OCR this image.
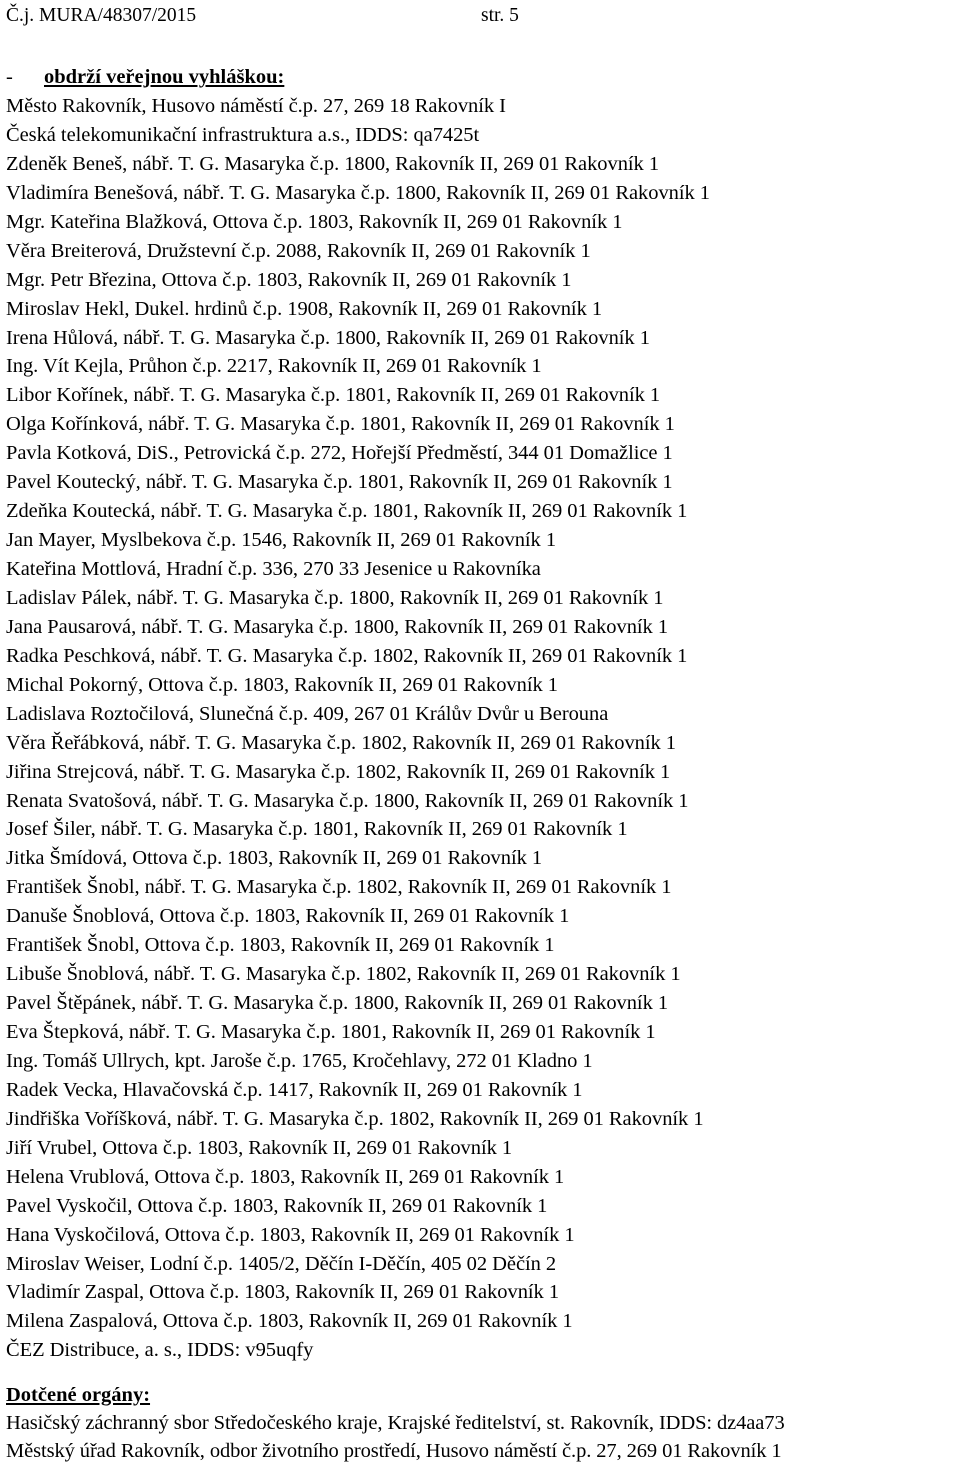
Č.j. MURA/48307/2015	str. 5
- obdrží veřejnou vyhláškou:
Město Rakovník, Husovo náměstí č.p. 27, 269 18 Rakovník I
Česká telekomunikační infrastruktura a.s., IDDS: qa7425t
Zdeněk Beneš, nábř. T. G. Masaryka č.p. 1800, Rakovník II, 269 01 Rakovník 1
Vladimíra Benešová, nábř. T. G. Masaryka č.p. 1800, Rakovník II, 269 01 Rakovník 1
Mgr. Kateřina Blažková, Ottova č.p. 1803, Rakovník II, 269 01 Rakovník 1
Věra Breiterová, Družstevní č.p. 2088, Rakovník II, 269 01 Rakovník 1
Mgr. Petr Březina, Ottova č.p. 1803, Rakovník II, 269 01 Rakovník 1
Miroslav Hekl, Dukel. hrdinů č.p. 1908, Rakovník II, 269 01 Rakovník 1
Irena Hůlová, nábř. T. G. Masaryka č.p. 1800, Rakovník II, 269 01 Rakovník 1
Ing. Vít Kejla, Průhon č.p. 2217, Rakovník II, 269 01 Rakovník 1
Libor Kořínek, nábř. T. G. Masaryka č.p. 1801, Rakovník II, 269 01 Rakovník 1
Olga Kořínková, nábř. T. G. Masaryka č.p. 1801, Rakovník II, 269 01 Rakovník 1
Pavla Kotková, DiS., Petrovická č.p. 272, Hořejší Předměstí, 344 01 Domažlice 1
Pavel Koutecký, nábř. T. G. Masaryka č.p. 1801, Rakovník II, 269 01 Rakovník 1
Zdeňka Koutecká, nábř. T. G. Masaryka č.p. 1801, Rakovník II, 269 01 Rakovník 1
Jan Mayer, Myslbekova č.p. 1546, Rakovník II, 269 01 Rakovník 1
Kateřina Mottlová, Hradní č.p. 336, 270 33 Jesenice u Rakovníka
Ladislav Pálek, nábř. T. G. Masaryka č.p. 1800, Rakovník II, 269 01 Rakovník 1
Jana Pausarová, nábř. T. G. Masaryka č.p. 1800, Rakovník II, 269 01 Rakovník 1
Radka Peschková, nábř. T. G. Masaryka č.p. 1802, Rakovník II, 269 01 Rakovník 1
Michal Pokorný, Ottova č.p. 1803, Rakovník II, 269 01 Rakovník 1
Ladislava Roztočilová, Slunečná č.p. 409, 267 01 Králův Dvůr u Berouna
Věra Řeřábková, nábř. T. G. Masaryka č.p. 1802, Rakovník II, 269 01 Rakovník 1
Jiřina Strejcová, nábř. T. G. Masaryka č.p. 1802, Rakovník II, 269 01 Rakovník 1
Renata Svatošová, nábř. T. G. Masaryka č.p. 1800, Rakovník II, 269 01 Rakovník 1
Josef Šiler, nábř. T. G. Masaryka č.p. 1801, Rakovník II, 269 01 Rakovník 1
Jitka Šmídová, Ottova č.p. 1803, Rakovník II, 269 01 Rakovník 1
František Šnobl, nábř. T. G. Masaryka č.p. 1802, Rakovník II, 269 01 Rakovník 1
Danuše Šnoblová, Ottova č.p. 1803, Rakovník II, 269 01 Rakovník 1
František Šnobl, Ottova č.p. 1803, Rakovník II, 269 01 Rakovník 1
Libuše Šnoblová, nábř. T. G. Masaryka č.p. 1802, Rakovník II, 269 01 Rakovník 1
Pavel Štěpánek, nábř. T. G. Masaryka č.p. 1800, Rakovník II, 269 01 Rakovník 1
Eva Štepková, nábř. T. G. Masaryka č.p. 1801, Rakovník II, 269 01 Rakovník 1
Ing. Tomáš Ullrych, kpt. Jaroše č.p. 1765, Kročehlavy, 272 01 Kladno 1
Radek Vecka, Hlavačovská č.p. 1417, Rakovník II, 269 01 Rakovník 1
Jindřiška Voříšková, nábř. T. G. Masaryka č.p. 1802, Rakovník II, 269 01 Rakovník 1
Jiří Vrubel, Ottova č.p. 1803, Rakovník II, 269 01 Rakovník 1
Helena Vrublová, Ottova č.p. 1803, Rakovník II, 269 01 Rakovník 1
Pavel Vyskočil, Ottova č.p. 1803, Rakovník II, 269 01 Rakovník 1
Hana Vyskočilová, Ottova č.p. 1803, Rakovník II, 269 01 Rakovník 1
Miroslav Weiser, Lodní č.p. 1405/2, Děčín I-Děčín, 405 02 Děčín 2
Vladimír Zaspal, Ottova č.p. 1803, Rakovník II, 269 01 Rakovník 1
Milena Zaspalová, Ottova č.p. 1803, Rakovník II, 269 01 Rakovník 1
ČEZ Distribuce, a. s., IDDS: v95uqfy
Dotčené orgány:
Hasičský záchranný sbor Středočeského kraje, Krajské ředitelství, st. Rakovník, IDDS: dz4aa73
Městský úřad Rakovník, odbor životního prostředí, Husovo náměstí č.p. 27, 269 01 Rakovník 1
